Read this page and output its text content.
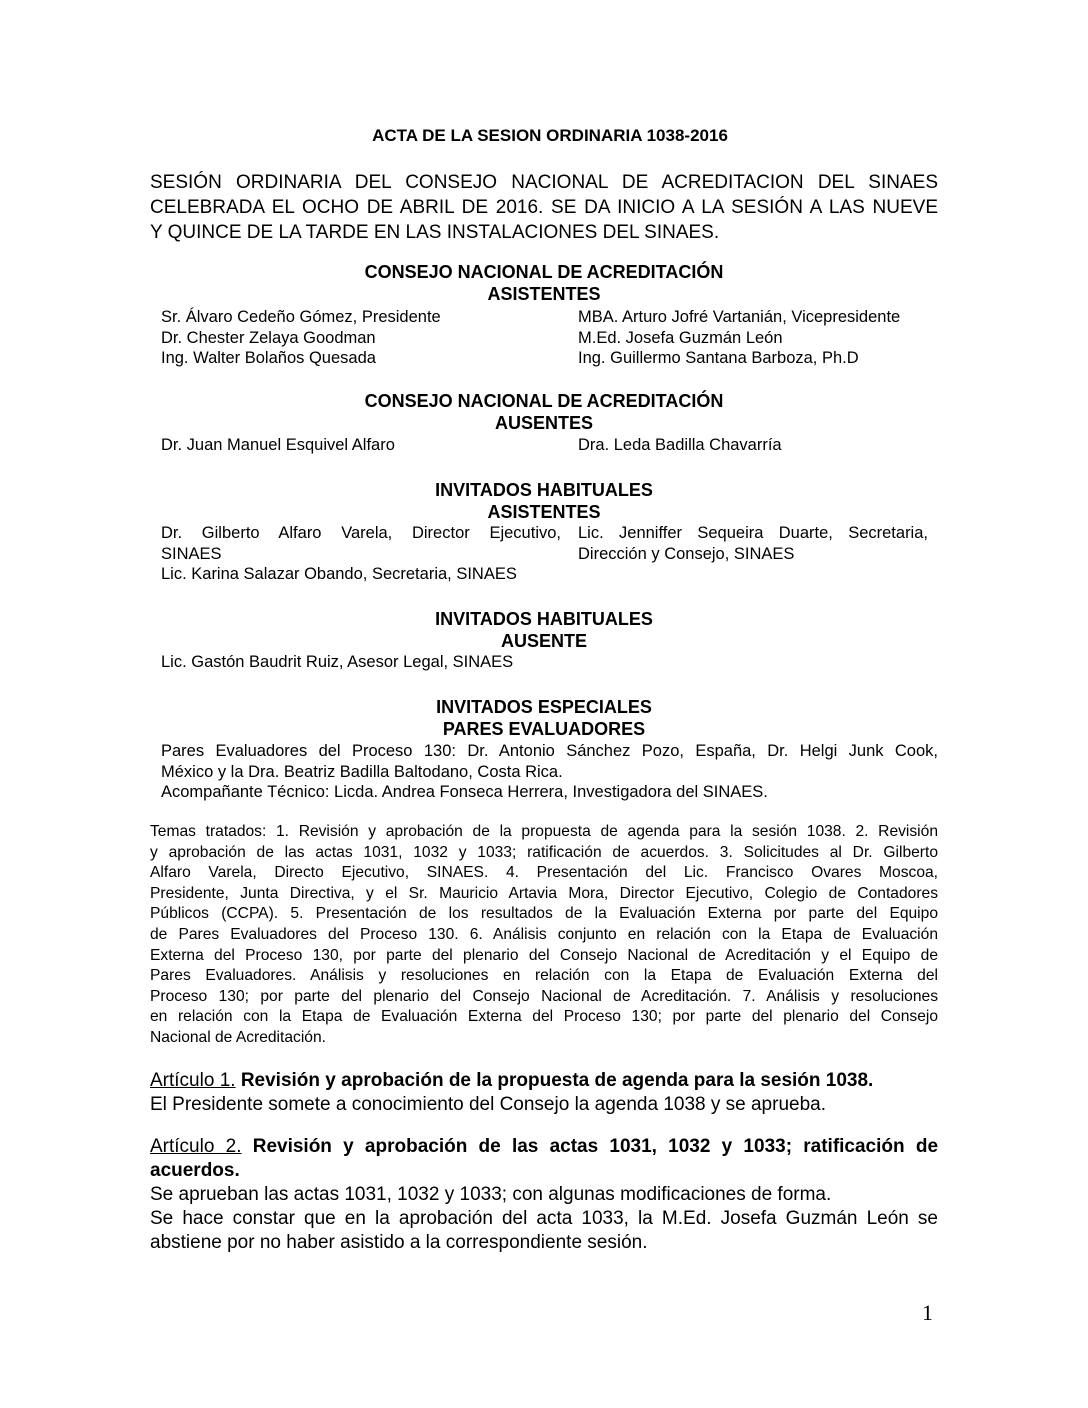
ACTA DE LA SESION ORDINARIA 1038-2016

SESIÓN ORDINARIA DEL CONSEJO NACIONAL DE ACREDITACION DEL SINAES
CELEBRADA EL OCHO DE ABRIL DE 2016. SE DA INICIO A LA SESIÓN A LAS NUEVE
Y QUINCE DE LA TARDE EN LAS INSTALACIONES DEL SINAES.
CONSEJO NACIONAL DE ACREDITACIÓN
ASISTENTES
Sr. Álvaro Cedeño Gómez, Presidente
Dr. Chester Zelaya Goodman
Ing. Walter Bolaños Quesada
MBA. Arturo Jofré Vartanián, Vicepresidente
M.Ed. Josefa Guzmán León
Ing. Guillermo Santana Barboza, Ph.D
CONSEJO NACIONAL DE ACREDITACIÓN
AUSENTES
Dr. Juan Manuel Esquivel Alfaro	Dra. Leda Badilla Chavarría
INVITADOS HABITUALES
ASISTENTES
Dr. Gilberto Alfaro Varela, Director Ejecutivo,
SINAES
Lic. Karina Salazar Obando, Secretaria, SINAES
Lic. Jenniffer Sequeira Duarte, Secretaria,
Dirección y Consejo, SINAES
INVITADOS HABITUALES
AUSENTE
Lic. Gastón Baudrit Ruiz, Asesor Legal, SINAES
INVITADOS ESPECIALES
PARES EVALUADORES
Pares Evaluadores del Proceso 130: Dr. Antonio Sánchez Pozo, España, Dr. Helgi Junk Cook,
México y la Dra. Beatriz Badilla Baltodano, Costa Rica.
Acompañante Técnico: Licda. Andrea Fonseca Herrera, Investigadora del SINAES.
Temas tratados: 1. Revisión y aprobación de la propuesta de agenda para la sesión 1038. 2. Revisión
y aprobación de las actas 1031, 1032 y 1033; ratificación de acuerdos. 3. Solicitudes al Dr. Gilberto
Alfaro Varela, Directo Ejecutivo, SINAES. 4. Presentación del Lic. Francisco Ovares Moscoa,
Presidente, Junta Directiva, y el Sr. Mauricio Artavia Mora, Director Ejecutivo, Colegio de Contadores
Públicos (CCPA). 5. Presentación de los resultados de la Evaluación Externa por parte del Equipo
de Pares Evaluadores del Proceso 130. 6. Análisis conjunto en relación con la Etapa de Evaluación
Externa del Proceso 130, por parte del plenario del Consejo Nacional de Acreditación y el Equipo de
Pares Evaluadores. Análisis y resoluciones en relación con la Etapa de Evaluación Externa del
Proceso 130; por parte del plenario del Consejo Nacional de Acreditación. 7. Análisis y resoluciones
en relación con la Etapa de Evaluación Externa del Proceso 130; por parte del plenario del Consejo
Nacional de Acreditación.
Artículo 1. Revisión y aprobación de la propuesta de agenda para la sesión 1038.
El Presidente somete a conocimiento del Consejo la agenda 1038 y se aprueba.
Artículo 2. Revisión y aprobación de las actas 1031, 1032 y 1033; ratificación de
acuerdos.
Se aprueban las actas 1031, 1032 y 1033; con algunas modificaciones de forma.
Se hace constar que en la aprobación del acta 1033, la M.Ed. Josefa Guzmán León se
abstiene por no haber asistido a la correspondiente sesión.

1
